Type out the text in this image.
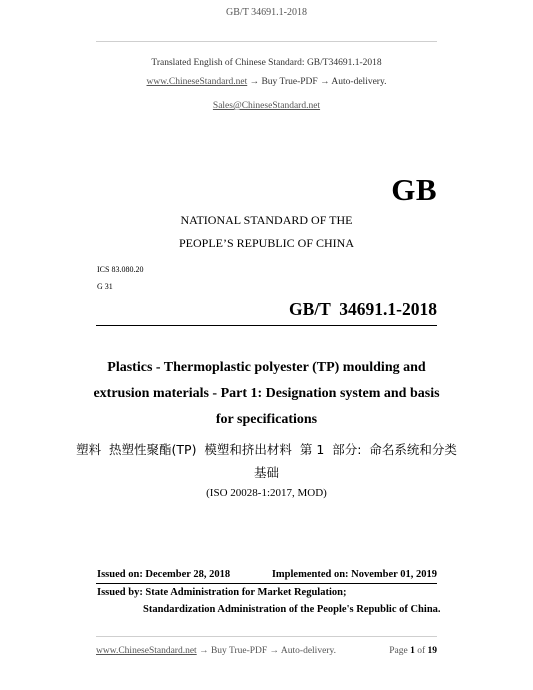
GB/T 34691.1-2018
Translated English of Chinese Standard: GB/T34691.1-2018
www.ChineseStandard.net → Buy True-PDF → Auto-delivery.
Sales@ChineseStandard.net
GB
NATIONAL STANDARD OF THE
PEOPLE’S REPUBLIC OF CHINA
ICS 83.080.20
G 31
GB/T  34691.1-2018
Plastics - Thermoplastic polyester (TP) moulding and
extrusion materials - Part 1: Designation system and basis
for specifications
塑料  热塑性聚酯(TP)  模塑和挤出材料  第 1  部分:  命名系统和分类
基础
(ISO 20028-1:2017, MOD)
Issued on: December 28, 2018	Implemented on: November 01, 2019
Issued by: State Administration for Market Regulation;
Standardization Administration of the People's Republic of China.
www.ChineseStandard.net → Buy True-PDF → Auto-delivery.	Page 1 of 19
